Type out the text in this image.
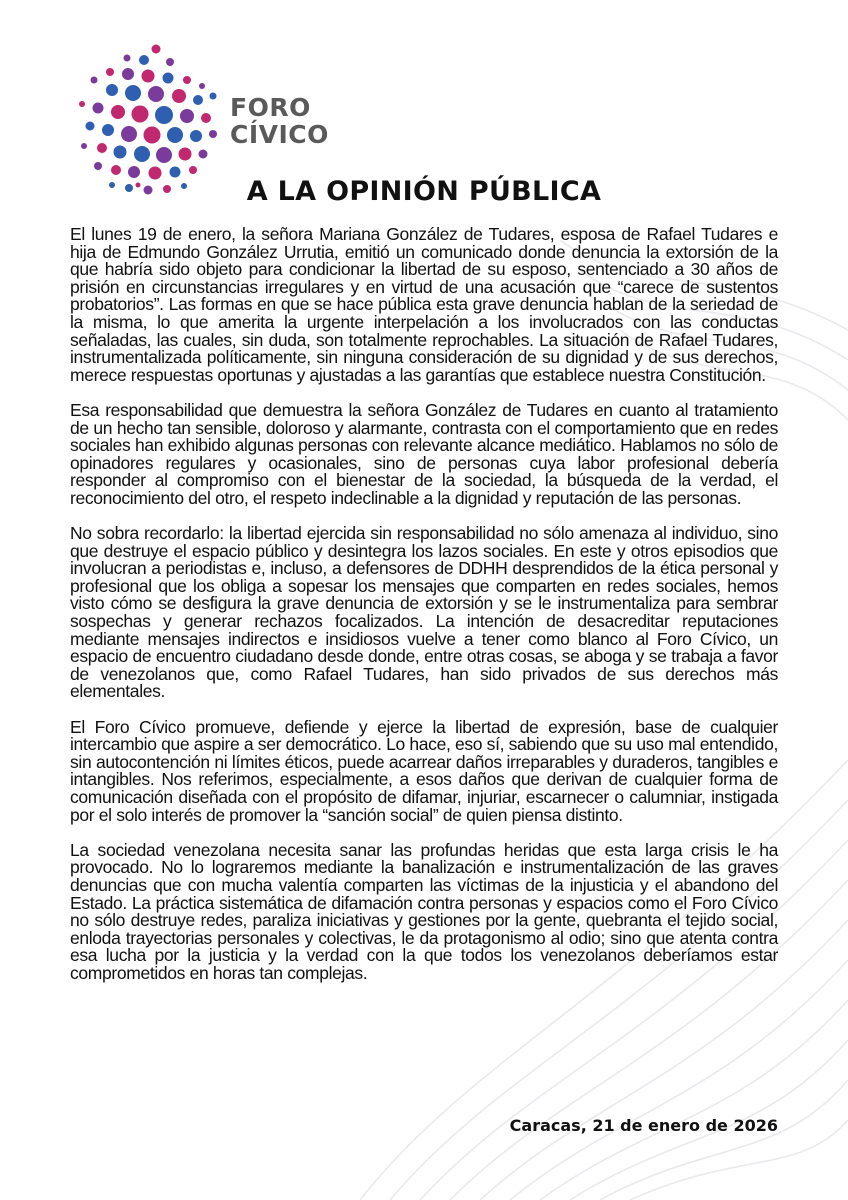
FORO
CÍVICO
A LA OPINIÓN PÚBLICA

El lunes 19 de enero, la señora Mariana González de Tudares, esposa de Rafael Tudares e hija de Edmundo González Urrutia, emitió un comunicado donde denuncia la extorsión de la que habría sido objeto para condicionar la libertad de su esposo, sentenciado a 30 años de prisión en circunstancias irregulares y en virtud de una acusación que “carece de sustentos probatorios”. Las formas en que se hace pública esta grave denuncia hablan de la seriedad de la misma, lo que amerita la urgente interpelación a los involucrados con las conductas señaladas, las cuales, sin duda, son totalmente reprochables. La situación de Rafael Tudares, instrumentalizada políticamente, sin ninguna consideración de su dignidad y de sus derechos, merece respuestas oportunas y ajustadas a las garantías que establece nuestra Constitución.

Esa responsabilidad que demuestra la señora González de Tudares en cuanto al tratamiento de un hecho tan sensible, doloroso y alarmante, contrasta con el comportamiento que en redes sociales han exhibido algunas personas con relevante alcance mediático. Hablamos no sólo de opinadores regulares y ocasionales, sino de personas cuya labor profesional debería responder al compromiso con el bienestar de la sociedad, la búsqueda de la verdad, el reconocimiento del otro, el respeto indeclinable a la dignidad y reputación de las personas.

No sobra recordarlo: la libertad ejercida sin responsabilidad no sólo amenaza al individuo, sino que destruye el espacio público y desintegra los lazos sociales. En este y otros episodios que involucran a periodistas e, incluso, a defensores de DDHH desprendidos de la ética personal y profesional que los obliga a sopesar los mensajes que comparten en redes sociales, hemos visto cómo se desfigura la grave denuncia de extorsión y se le instrumentaliza para sembrar sospechas y generar rechazos focalizados. La intención de desacreditar reputaciones mediante mensajes indirectos e insidiosos vuelve a tener como blanco al Foro Cívico, un espacio de encuentro ciudadano desde donde, entre otras cosas, se aboga y se trabaja a favor de venezolanos que, como Rafael Tudares, han sido privados de sus derechos más elementales.

El Foro Cívico promueve, defiende y ejerce la libertad de expresión, base de cualquier intercambio que aspire a ser democrático. Lo hace, eso sí, sabiendo que su uso mal entendido, sin autocontención ni límites éticos, puede acarrear daños irreparables y duraderos, tangibles e intangibles. Nos referimos, especialmente, a esos daños que derivan de cualquier forma de comunicación diseñada con el propósito de difamar, injuriar, escarnecer o calumniar, instigada por el solo interés de promover la “sanción social” de quien piensa distinto.

La sociedad venezolana necesita sanar las profundas heridas que esta larga crisis le ha provocado. No lo lograremos mediante la banalización e instrumentalización de las graves denuncias que con mucha valentía comparten las víctimas de la injusticia y el abandono del Estado. La práctica sistemática de difamación contra personas y espacios como el Foro Cívico no sólo destruye redes, paraliza iniciativas y gestiones por la gente, quebranta el tejido social, enloda trayectorias personales y colectivas, le da protagonismo al odio; sino que atenta contra esa lucha por la justicia y la verdad con la que todos los venezolanos deberíamos estar comprometidos en horas tan complejas.

Caracas, 21 de enero de 2026
